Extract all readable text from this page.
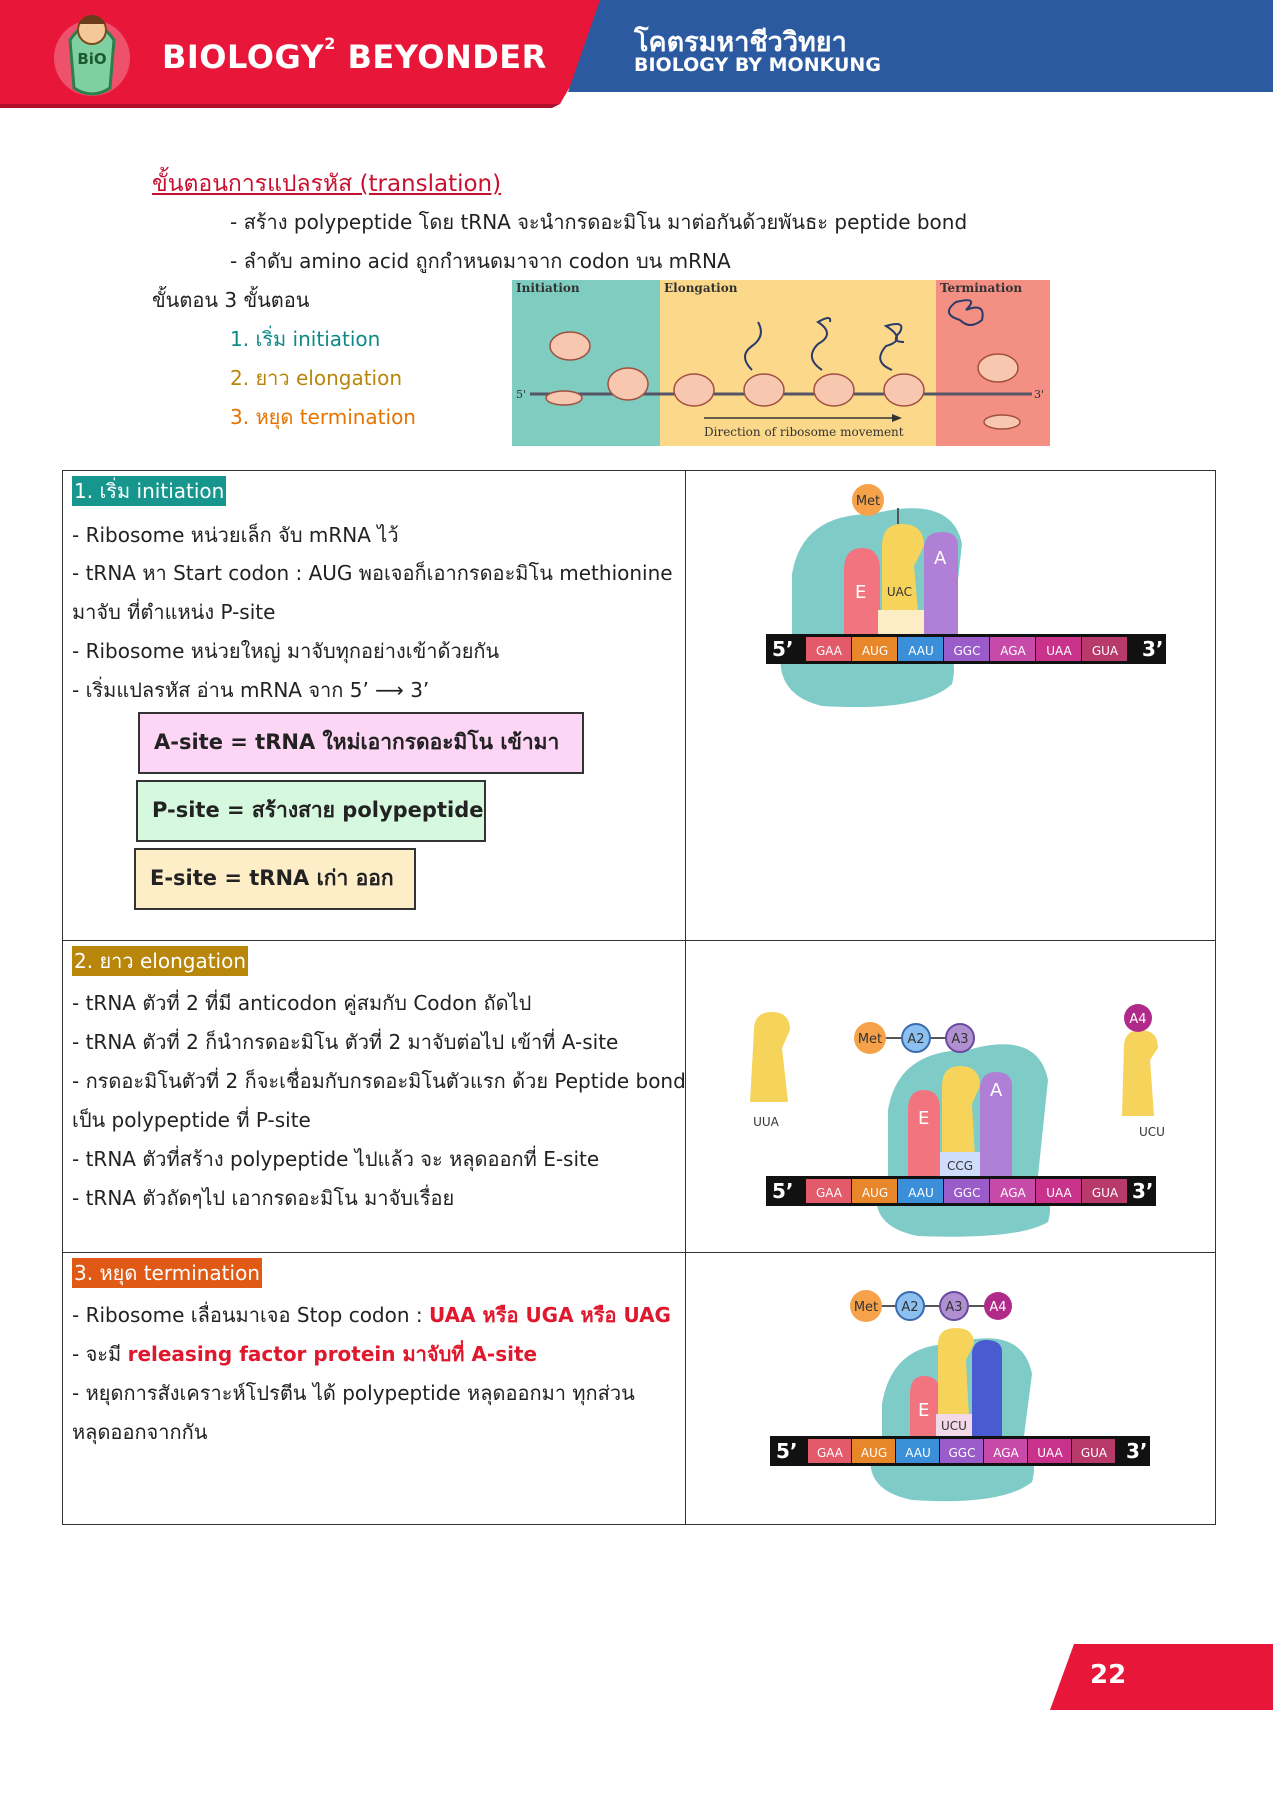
BIOLOGY$^2$ BEYONDER
BiO
โคตรมหาชีววิทยา
BIOLOGY BY MONKUNG
ขั้นตอนการแปลรหัส (translation)
- สร้าง polypeptide โดย tRNA จะนำกรดอะมิโน มาต่อกันด้วยพันธะ peptide bond
- ลำดับ amino acid ถูกกำหนดมาจาก codon บน mRNA
ขั้นตอน 3 ขั้นตอน
1. เริ่ม initiation
2. ยาว elongation
3. หยุด termination
Initiation	Elongation	Termination
5'	3'
Direction of ribosome movement
1. เริ่ม initiation
- Ribosome หน่วยเล็ก จับ mRNA ไว้
- tRNA หา Start codon : AUG พอเจอก็เอากรดอะมิโน methionine
มาจับ ที่ตำแหน่ง P-site
- Ribosome หน่วยใหญ่ มาจับทุกอย่างเข้าด้วยกัน
- เริ่มแปลรหัส อ่าน mRNA จาก 5’ ⟶ 3’
A-site = tRNA ใหม่เอากรดอะมิโน เข้ามา
P-site = สร้างสาย polypeptide
E-site = tRNA เก่า ออก
2. ยาว elongation
- tRNA ตัวที่ 2 ที่มี anticodon คู่สมกับ Codon ถัดไป
- tRNA ตัวที่ 2 ก็นำกรดอะมิโน ตัวที่ 2 มาจับต่อไป เข้าที่ A-site
- กรดอะมิโนตัวที่ 2 ก็จะเชื่อมกับกรดอะมิโนตัวแรก ด้วย Peptide bond
เป็น polypeptide ที่ P-site
- tRNA ตัวที่สร้าง polypeptide ไปแล้ว จะ หลุดออกที่ E-site
- tRNA ตัวถัดๆไป เอากรดอะมิโน มาจับเรื่อย
3. หยุด termination
- Ribosome เลื่อนมาเจอ Stop codon : UAA หรือ UGA หรือ UAG
- จะมี releasing factor protein มาจับที่ A-site
- หยุดการสังเคราะห์โปรตีน ได้ polypeptide หลุดออกมา ทุกส่วน
หลุดออกจากกัน
5’	3’
GAA AUG AAU GGC AGA UAA GUA
E UAC
A
Met
5’	3’
GAA AUG AAU GGC AGA UAA GUA
Met A2 A3
A4
E
A
CCG
UUA
UCU
5’	3’
GAA AUG AAU GGC AGA UAA GUA
Met A2 A3 A4
E
UCU
22
